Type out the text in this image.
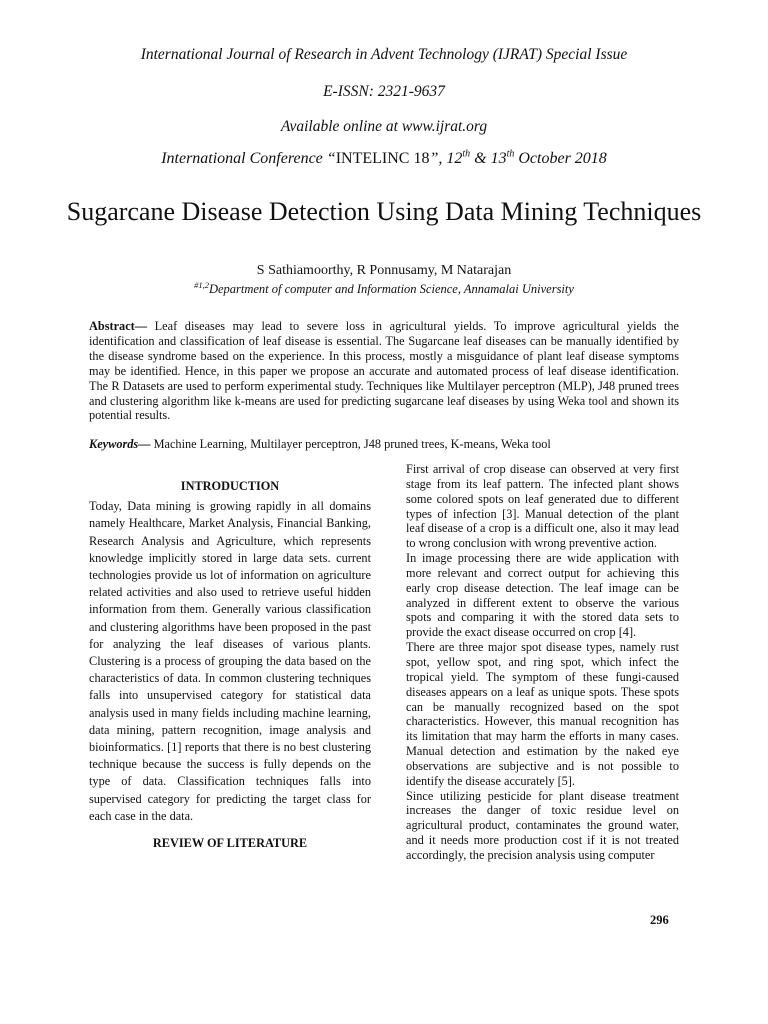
International Journal of Research in Advent Technology (IJRAT) Special Issue
E-ISSN: 2321-9637
Available online at www.ijrat.org
International Conference “INTELINC 18”, 12th & 13th October 2018
Sugarcane Disease Detection Using Data Mining Techniques
S Sathiamoorthy, R Ponnusamy, M Natarajan
$^{\#1,2}$Department of computer and Information Science, Annamalai University
Abstract— Leaf diseases may lead to severe loss in agricultural yields. To improve agricultural yields the identification and classification of leaf disease is essential. The Sugarcane leaf diseases can be manually identified by the disease syndrome based on the experience. In this process, mostly a misguidance of plant leaf disease symptoms may be identified. Hence, in this paper we propose an accurate and automated process of leaf disease identification. The R Datasets are used to perform experimental study. Techniques like Multilayer perceptron (MLP), J48 pruned trees and clustering algorithm like k-means are used for predicting sugarcane leaf diseases by using Weka tool and shown its potential results.
Keywords— Machine Learning, Multilayer perceptron, J48 pruned trees, K-means, Weka tool
INTRODUCTION

Today, Data mining is growing rapidly in all domains namely Healthcare, Market Analysis, Financial Banking, Research Analysis and Agriculture, which represents knowledge implicitly stored in large data sets. current technologies provide us lot of information on agriculture related activities and also used to retrieve useful hidden information from them. Generally various classification and clustering algorithms have been proposed in the past for analyzing the leaf diseases of various plants. Clustering is a process of grouping the data based on the characteristics of data. In common clustering techniques falls into unsupervised category for statistical data analysis used in many fields including machine learning, data mining, pattern recognition, image analysis and bioinformatics. [1] reports that there is no best clustering technique because the success is fully depends on the type of data. Classification techniques falls into supervised category for predicting the target class for each case in the data.

REVIEW OF LITERATURE

First arrival of crop disease can observed at very first stage from its leaf pattern. The infected plant shows some colored spots on leaf generated due to different types of infection [3]. Manual detection of the plant leaf disease of a crop is a difficult one, also it may lead to wrong conclusion with wrong preventive action.

In image processing there are wide application with more relevant and correct output for achieving this early crop disease detection. The leaf image can be analyzed in different extent to observe the various spots and comparing it with the stored data sets to provide the exact disease occurred on crop [4].

There are three major spot disease types, namely rust spot, yellow spot, and ring spot, which infect the tropical yield. The symptom of these fungi-caused diseases appears on a leaf as unique spots. These spots can be manually recognized based on the spot characteristics. However, this manual recognition has its limitation that may harm the efforts in many cases. Manual detection and estimation by the naked eye observations are subjective and is not possible to identify the disease accurately [5].

Since utilizing pesticide for plant disease treatment increases the danger of toxic residue level on agricultural product, contaminates the ground water, and it needs more production cost if it is not treated accordingly, the precision analysis using computer

296
